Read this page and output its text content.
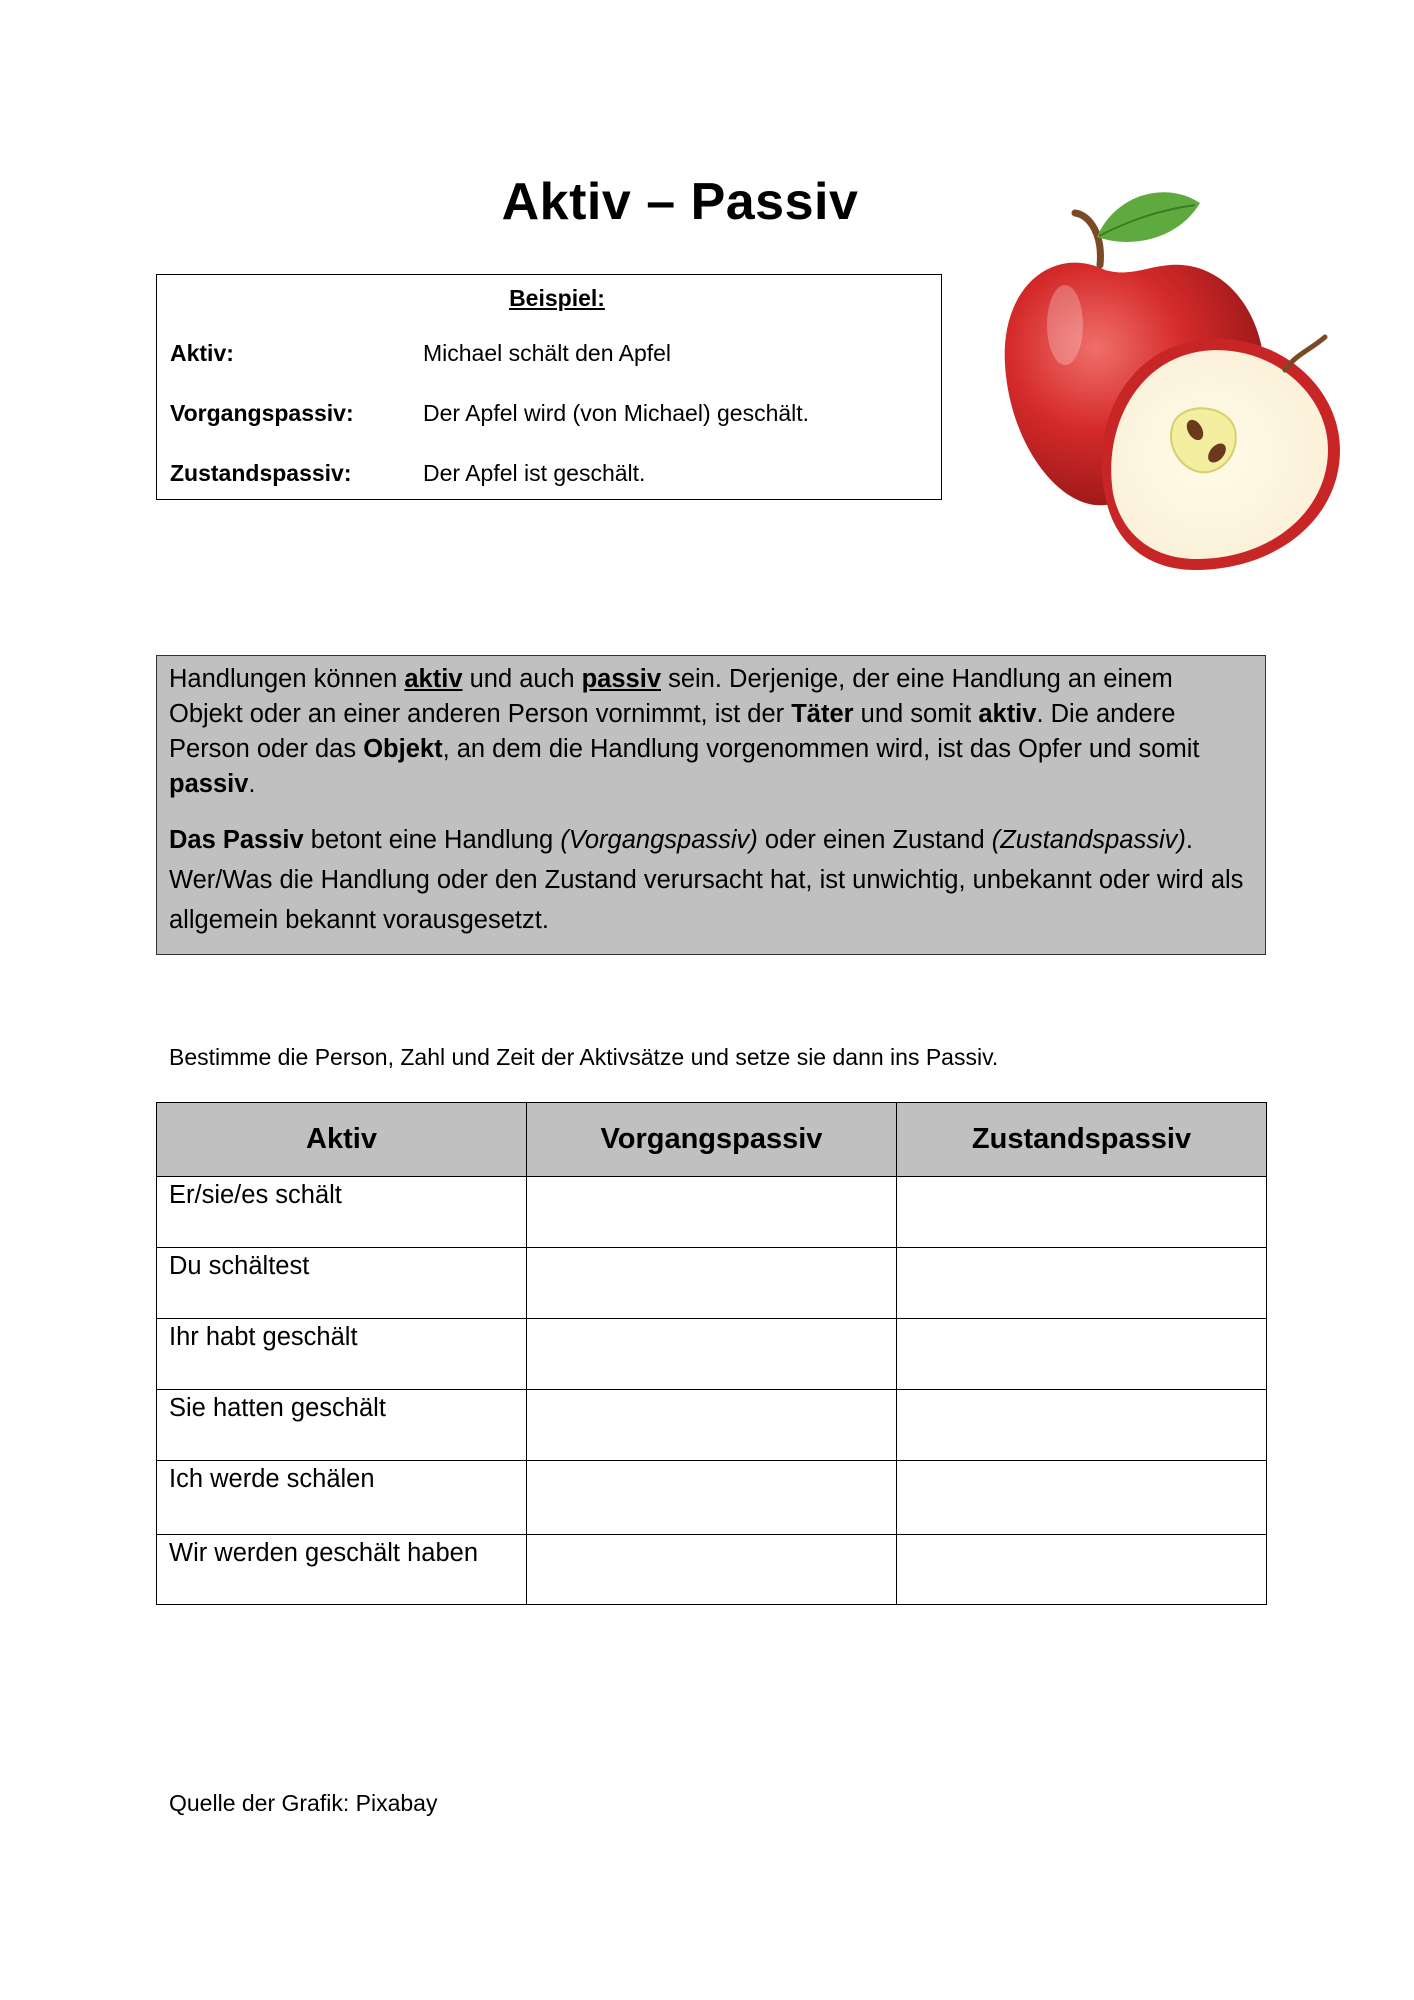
Aktiv – Passiv
Beispiel:
Aktiv:	Michael schält den Apfel
Vorgangspassiv:	Der Apfel wird (von Michael) geschält.
Zustandspassiv:	Der Apfel ist geschält.

Handlungen können aktiv und auch passiv sein. Derjenige, der eine Handlung an einem Objekt oder an einer anderen Person vornimmt, ist der Täter und somit aktiv. Die andere Person oder das Objekt, an dem die Handlung vorgenommen wird, ist das Opfer und somit passiv.

Das Passiv betont eine Handlung (Vorgangspassiv) oder einen Zustand (Zustandspassiv). Wer/Was die Handlung oder den Zustand verursacht hat, ist unwichtig, unbekannt oder wird als allgemein bekannt vorausgesetzt.

Bestimme die Person, Zahl und Zeit der Aktivsätze und setze sie dann ins Passiv.
Aktiv	Vorgangspassiv	Zustandspassiv
Er/sie/es schält		
Du schältest		
Ihr habt geschält		
Sie hatten geschält		
Ich werde schälen		
Wir werden geschält haben		
Quelle der Grafik: Pixabay
